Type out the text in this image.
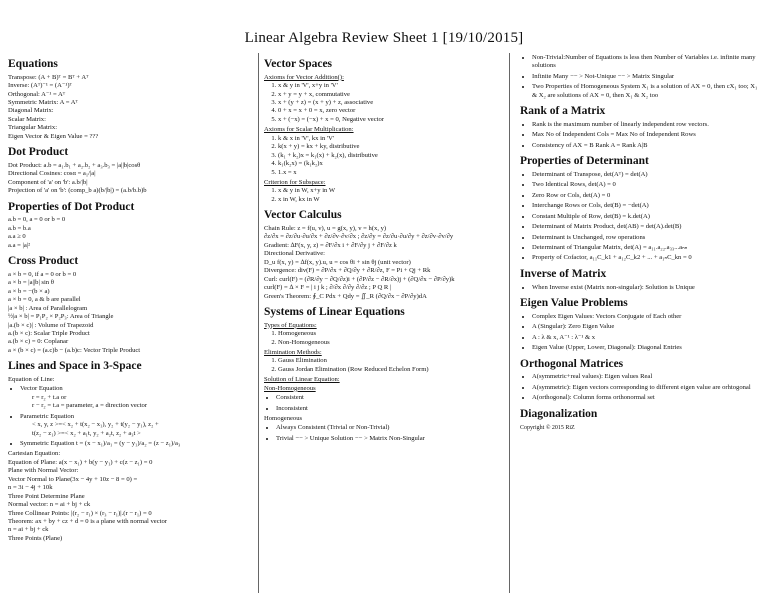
Linear Algebra Review Sheet 1 [19/10/2015]
Equations
Transpose: (A + B)ᵀ = Bᵀ + Aᵀ
Inverse: (Aᵀ)⁻¹ = (A⁻¹)ᵀ
Orthogonal: A⁻¹ = Aᵀ
Symmetric Matrix: A = Aᵀ
Diagonal Matrix:
Scalar Matrix:
Triangular Matrix:
Eigen Vector & Eigen Value = ???
Dot Product
Dot Product: a.b = a₁.b₁ + a₂.b₂ + a₃.b₃ = |a||b|cosθ
Directional Cosines: cosα = a₁/|a|
Component of 'a' on 'b': a.b/|b|
Projection of 'a' on 'b': (comp_b a)(b/|b|) = (a.b/b.b)b
Properties of Dot Product
a.b = 0, a = 0 or b = 0
a.b = b.a
a.a ≥ 0
a.a = |a|²
Cross Product
a × b = 0, if a = 0 or b = 0
a × b = |a||b| sin θ
a × b = −(b × a)
a × b = 0, a & b are parallel
|a × b| : Area of Parallelogram
½|a × b| = P₁P₂ × P₂P₃: Area of Triangle
|a.(b × c)| : Volume of Trapezoid
a.(b × c): Scalar Triple Product
a.(b × c) = 0: Coplanar
a × (b × c) = (a.c)b − (a.b)c: Vector Triple Product
Lines and Space in 3-Space
Equation of Line:
• Vector Equation
r = r₂ + t.a or
r − r₂ = t.a = parameter, a = direction vector
• Parametric Equation
< x, y, z >=< x₂ + t(x₂ − x₁), y₂ + t(y₂ − y₁), z₂ +
t(z₂ − z₁) >=< x₂ + a₁t, y₂ + a₂t, z₂ + a₃t >
• Symmetric Equation t = (x − x₁)/a₁ = (y − y₁)/a₂ = (z − z₁)/a₃
Cartesian Equation:
Equation of Plane: a(x − x₁) + b(y − y₁) + c(z − z₁) = 0
Plane with Normal Vector:
Vector Normal to Plane(3x − 4y + 10z − 8 = 0) =
n = 3i − 4j + 10k
Three Point Determine Plane
Normal vector: n = ai + bj + ck
Three Collinear Points: |(r₂ − r₁) × (r₃ − r₁)|.(r − r₁) = 0
Theorem: ax + by + cz + d = 0 is a plane with normal vector
n = ai + bj + ck
Three Points (Plane)
Vector Spaces
Axioms for Vector Addition():
1. x & y in 'V', x+y in 'V'
2. x + y = y + x, commutative
3. x + (y + z) = (x + y) + z, associative
4. 0 + x = x + 0 = x, zero vector
5. x + (−x) = (−x) + x = 0, Negative vector
Axioms for Scalar Multiplication:
1. k & x in 'V', kx in 'V'
2. k(x + y) = kx + ky, distributive
3. (k₁ + k₂)x = k₁(x) + k₂(x), distributive
4. k₁(k₂x) = (k₁k₂)x
5. 1.x = x
Criterion for Subspace:
1. x & y in W, x+y in W
2. x in W, kx in W
Vector Calculus
Chain Rule: z = f(u, v), u = g(x, y), v = h(x, y)
∂z/∂x = ∂z/∂u·∂u/∂x + ∂z/∂v·∂v/∂x ; ∂z/∂y = ∂z/∂u·∂u/∂y + ∂z/∂v·∂v/∂y
Gradient: ∆F(x, y, z) = ∂F/∂x i + ∂F/∂y j + ∂F/∂z k
Directional Derivative:
D_u f(x, y) = ∆f(x, y).u, u = cos θi + sin θj (unit vector)
Divergence: div(F) = ∂P/∂x + ∂Q/∂y + ∂R/∂z, F = Pi + Qj + Rk
Curl: curl(F) = (∂R/∂y − ∂Q/∂z)i + (∂P/∂z − ∂R/∂x)j + (∂Q/∂x − ∂P/∂y)k
curl(F) = ∆ × F = | i j k ; ∂/∂x ∂/∂y ∂/∂z ; P Q R |
Green's Theorem: ∮_C Pdx + Qdy = ∬_R (∂Q/∂x − ∂P/∂y)dA
Systems of Linear Equations
Types of Equations:
1. Homogeneous
2. Non-Homogeneous
Elimination Methods:
1. Gauss Elimination
2. Gauss Jordan Elimination (Row Reduced Echelon Form)
Solution of Linear Equation:
Non-Homogeneous
• Consistent
• Inconsistent
Homogeneous
• Always Consistent (Trivial or Non-Trivial)
• Trivial −− > Unique Solution −− > Matrix Non-Singular
• Non-Trivial:Number of Equations is less then Number of Variables i.e. infinite many solutions
• Infinite Many −− > Not-Unique −− > Matrix Singular
• Two Properties of Homogeneous System X₁ is a solution of AX = 0, then cX₁ too; X₁ & X₂ are solutions of AX = 0, then X₁ & X₂ too
Rank of a Matrix
• Rank is the maximum number of linearly independent row vectors.
• Max No of Independent Cols = Max No of Independent Rows
• Consistency of AX = B Rank A = Rank A|B
Properties of Determinant
• Determinant of Transpose, det(Aᵀ) = det(A)
• Two Identical Rows, det(A) = 0
• Zero Row or Cols, det(A) = 0
• Interchange Rows or Cols, det(B) = −det(A)
• Constant Multiple of Row, det(B) = k.det(A)
• Determinant of Matrix Product, det(AB) = det(A).det(B)
• Determinant is Unchanged, row operations
• Determinant of Triangular Matrix, det(A) = a₁₁.a₂₂.a₃₃...aₙₙ
• Property of Cofactor, a₁₁C_k1 + a₁₂C_k2 + ... + a₁ₙC_kn = 0
Inverse of Matrix
• When Inverse exist (Matrix non-singular): Solution is Unique
Eigen Value Problems
• Complex Eigen Values: Vectors Conjugate of Each other
• A (Singular): Zero Eigen Value
• A : λ & x, A⁻¹ : λ⁻¹ & x
• Eigen Value (Upper, Lower, Diagonal): Diagonal Entries
Orthogonal Matrices
• A(symmetric+real values): Eigen values Real
• A(symmetric): Eigen vectors corresponding to different eigen value are orhtogonal
• A(orthogonal): Column forms orthonormal set
Diagonalization
Copyright © 2015 RiZ
